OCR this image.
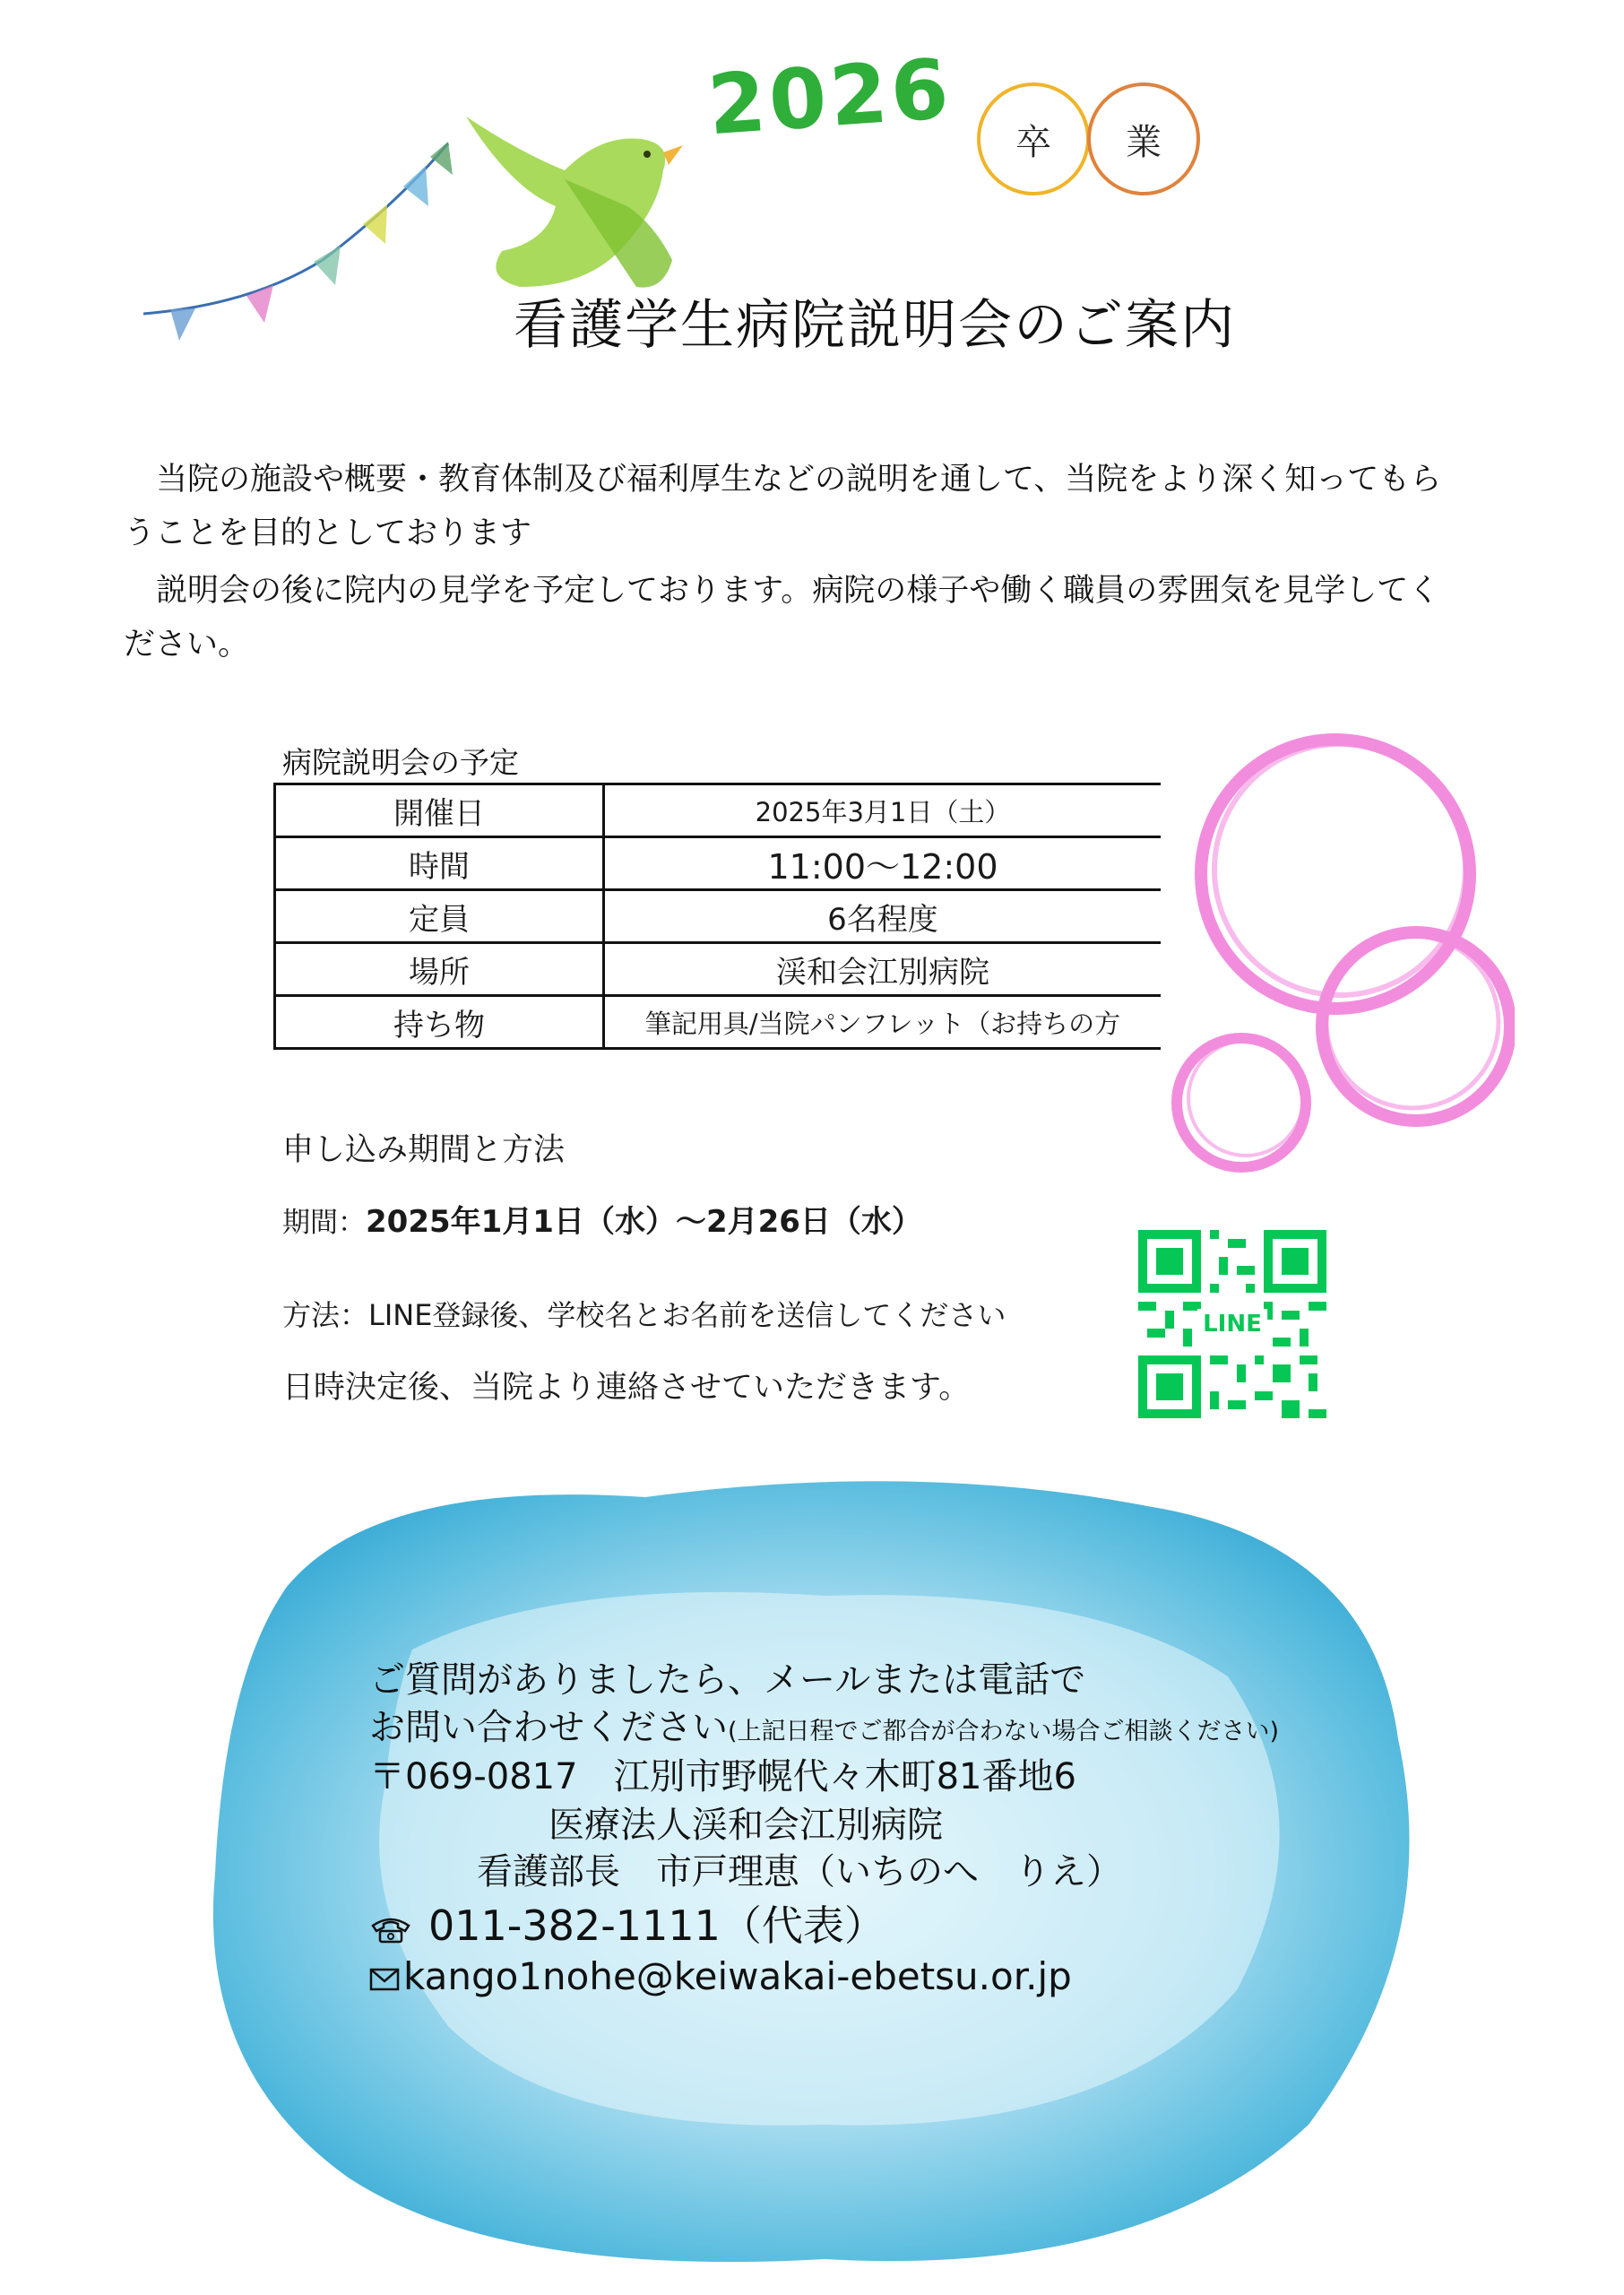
2026	卒	業
看護学生病院説明会のご案内

当院の施設や概要・教育体制及び福利厚生などの説明を通して、当院をより深く知ってもらうことを目的としております

説明会の後に院内の見学を予定しております。病院の様子や働く職員の雰囲気を見学してください。

病院説明会の予定
開催日	2025年3月1日（土）
時間	11:00〜12:00
定員	6名程度
場所	渓和会江別病院
持ち物	筆記用具/当院パンフレット（お持ちの方
申し込み期間と方法
期間：2025年1月1日（水）〜2月26日（水）
方法：LINE登録後、学校名とお名前を送信してください
日時決定後、当院より連絡させていただきます。
LINE
ご質問がありましたら、メールまたは電話で
お問い合わせください(上記日程でご都合が合わない場合ご相談ください)
〒069-0817　江別市野幌代々木町81番地6
医療法人渓和会江別病院
看護部長　市戸理恵（いちのへ　りえ）
011-382-1111（代表）
kango1nohe@keiwakai-ebetsu.or.jp
